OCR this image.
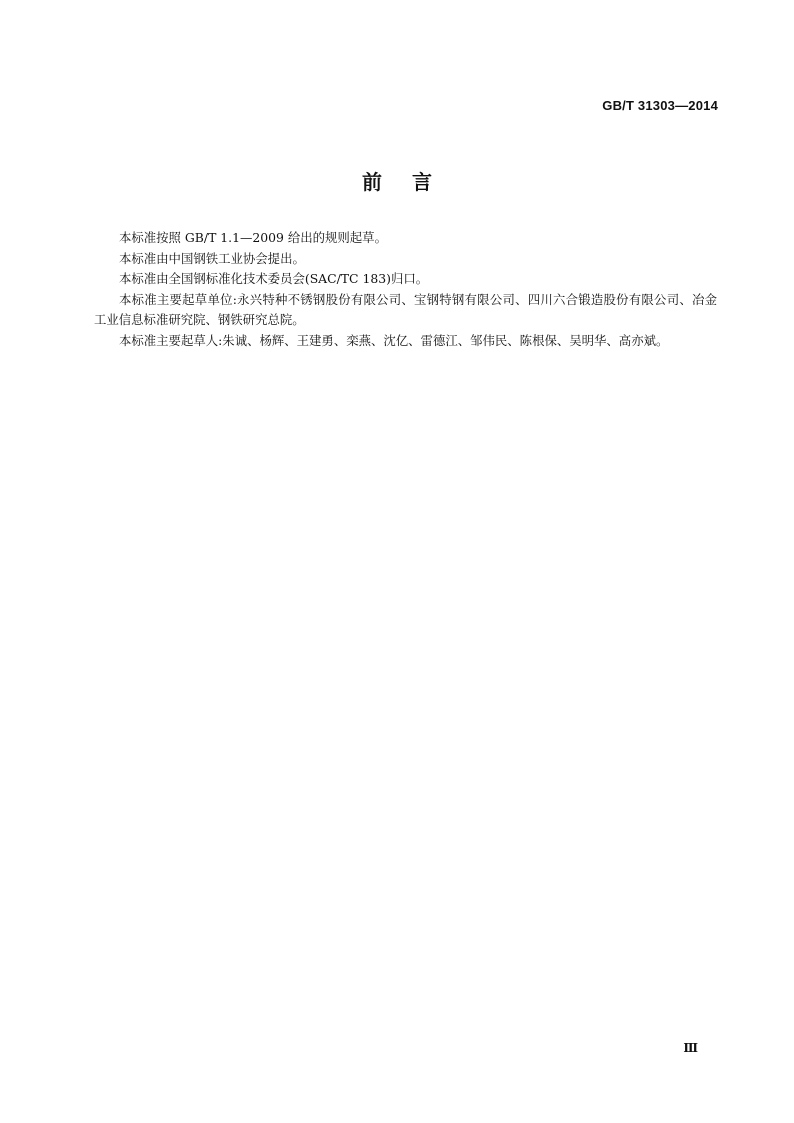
GB/T 31303—2014
前言

本标准按照 GB/T 1.1—2009 给出的规则起草。

本标准由中国钢铁工业协会提出。

本标准由全国钢标准化技术委员会(SAC/TC 183)归口。

本标准主要起草单位:永兴特种不锈钢股份有限公司、宝钢特钢有限公司、四川六合锻造股份有限公司、冶金工业信息标准研究院、钢铁研究总院。

本标准主要起草人:朱诚、杨辉、王建勇、栾燕、沈亿、雷德江、邹伟民、陈根保、吴明华、高亦斌。

Ⅲ
